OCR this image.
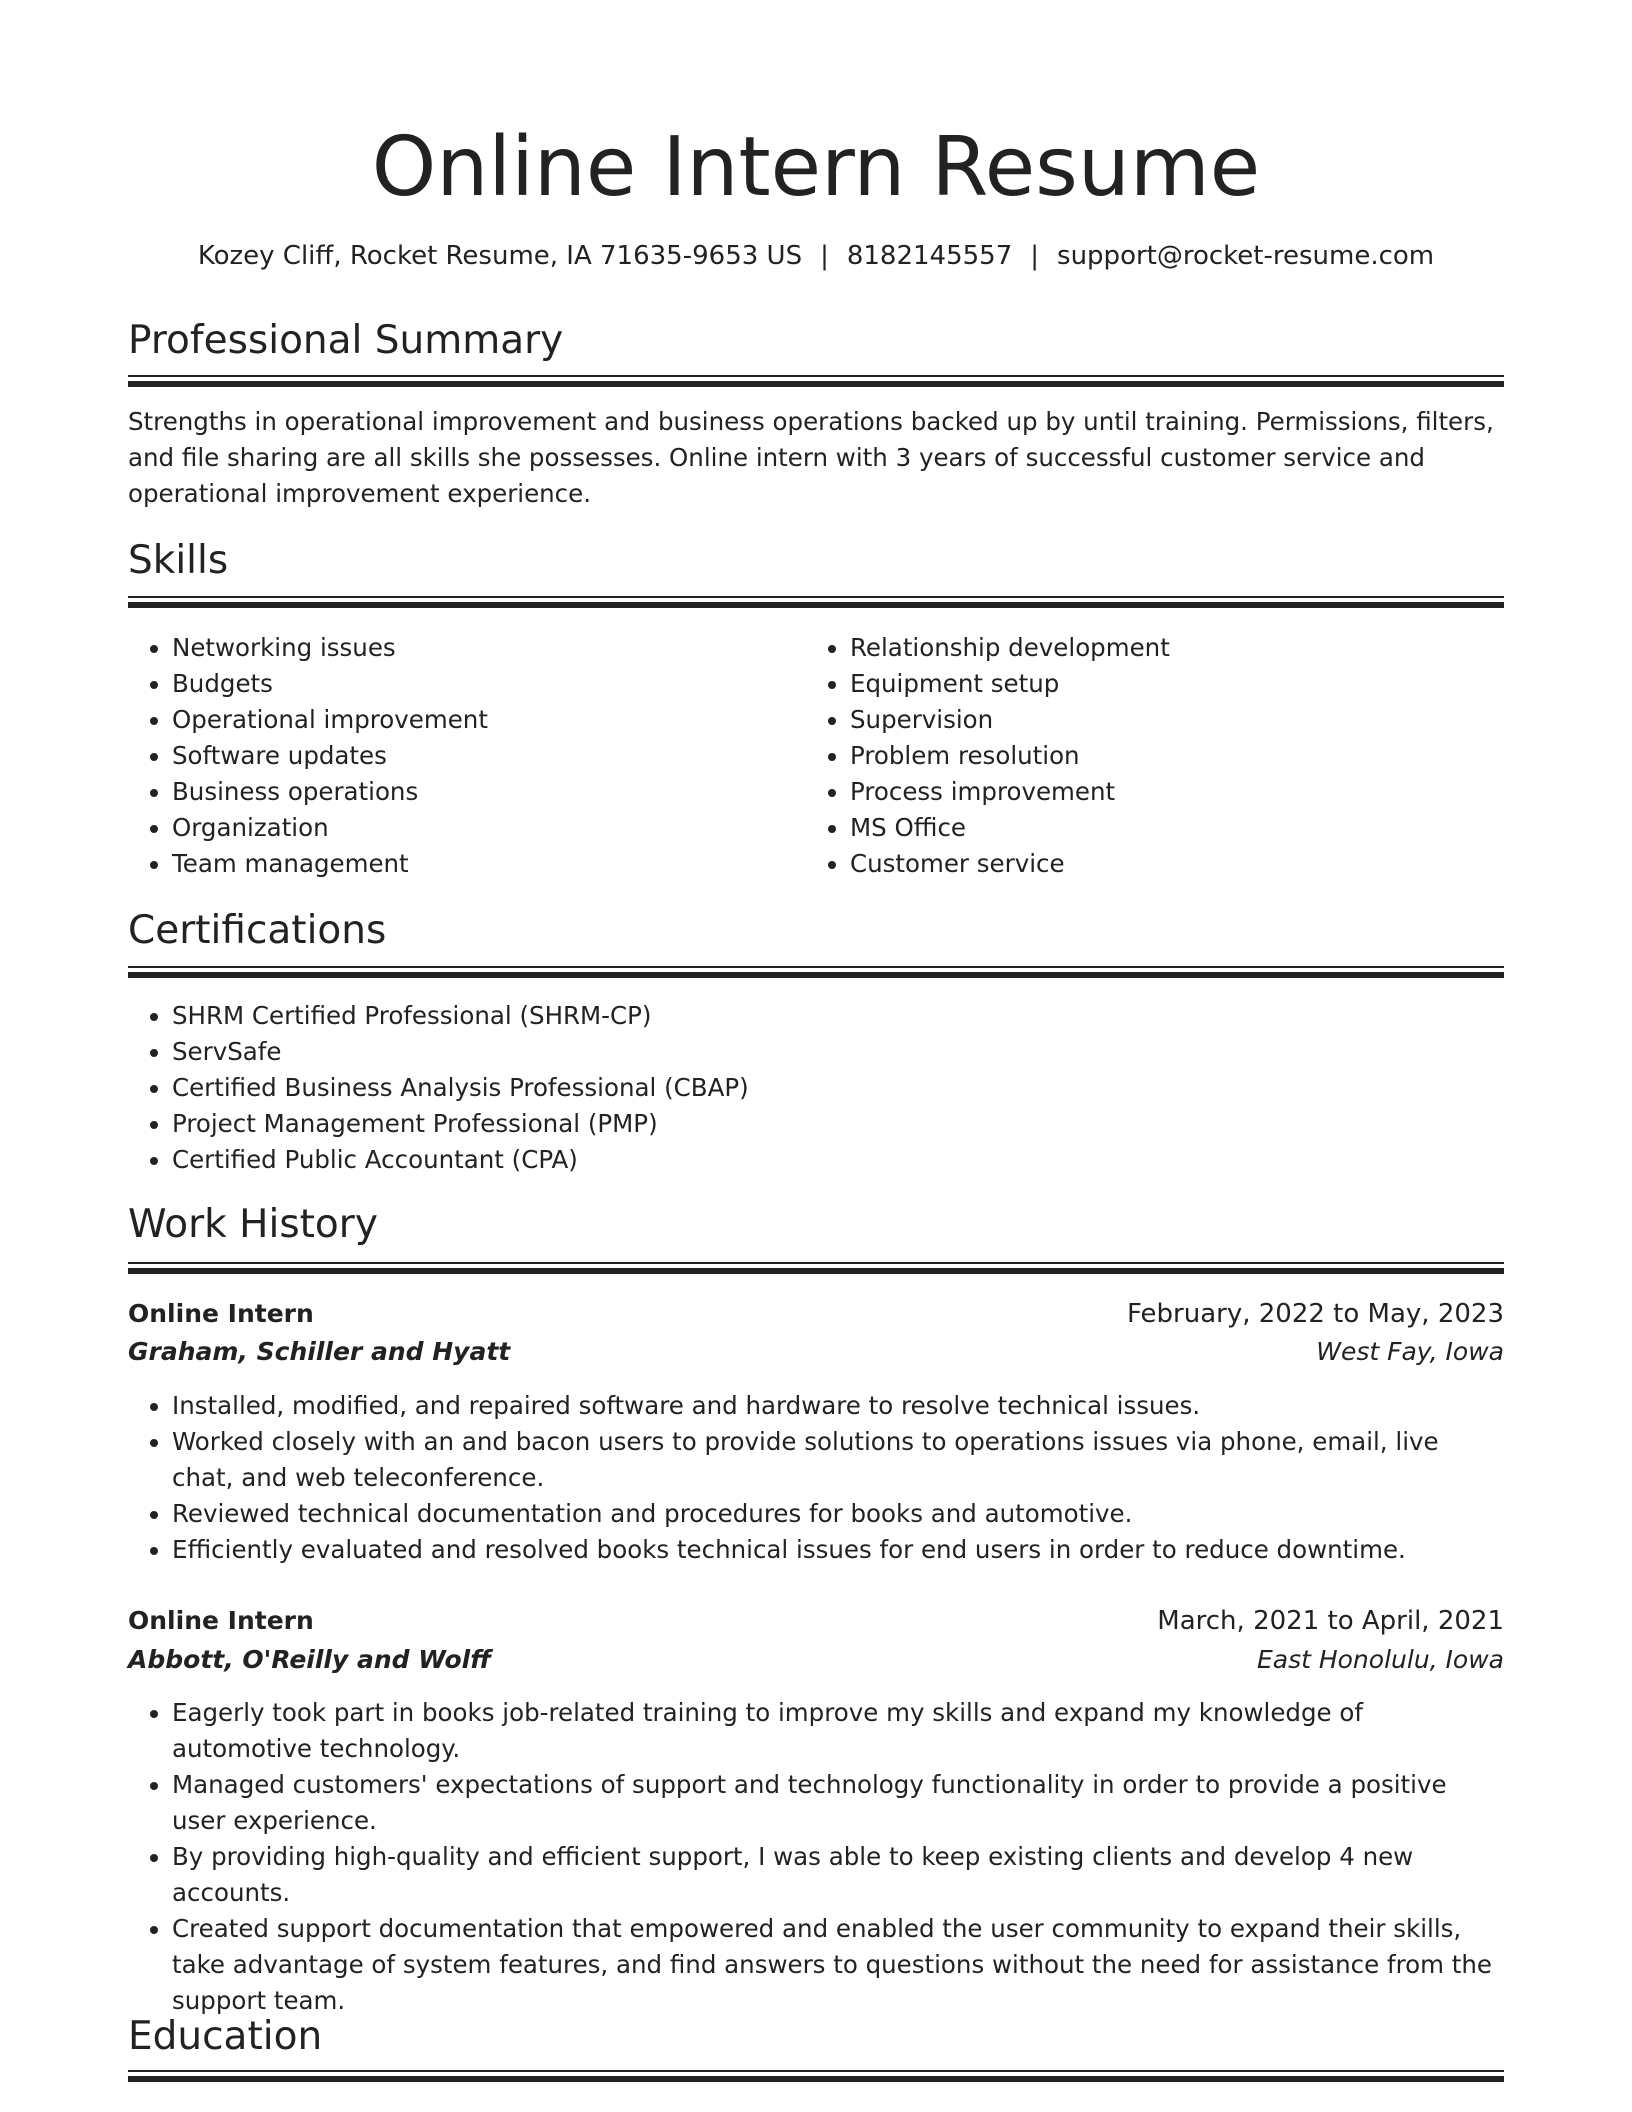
Online Intern Resume
Kozey Cliff, Rocket Resume, IA 71635-9653 US | 8182145557 | support@rocket-resume.com
Professional Summary

Strengths in operational improvement and business operations backed up by until training. Permissions, filters, and file sharing are all skills she possesses. Online intern with 3 years of successful customer service and operational improvement experience.

Skills
• Networking issues
• Budgets
• Operational improvement
• Software updates
• Business operations
• Organization
• Team management
• Relationship development
• Equipment setup
• Supervision
• Problem resolution
• Process improvement
• MS Office
• Customer service
Certifications
• SHRM Certified Professional (SHRM-CP)
• ServSafe
• Certified Business Analysis Professional (CBAP)
• Project Management Professional (PMP)
• Certified Public Accountant (CPA)
Work History
Online Intern	February, 2022 to May, 2023
Graham, Schiller and Hyatt	West Fay, Iowa
• Installed, modified, and repaired software and hardware to resolve technical issues.
• Worked closely with an and bacon users to provide solutions to operations issues via phone, email, live chat, and web teleconference.
• Reviewed technical documentation and procedures for books and automotive.
• Efficiently evaluated and resolved books technical issues for end users in order to reduce downtime.
Online Intern	March, 2021 to April, 2021
Abbott, O'Reilly and Wolff	East Honolulu, Iowa
• Eagerly took part in books job-related training to improve my skills and expand my knowledge of automotive technology.
• Managed customers' expectations of support and technology functionality in order to provide a positive user experience.
• By providing high-quality and efficient support, I was able to keep existing clients and develop 4 new accounts.
• Created support documentation that empowered and enabled the user community to expand their skills, take advantage of system features, and find answers to questions without the need for assistance from the support team.
Education
